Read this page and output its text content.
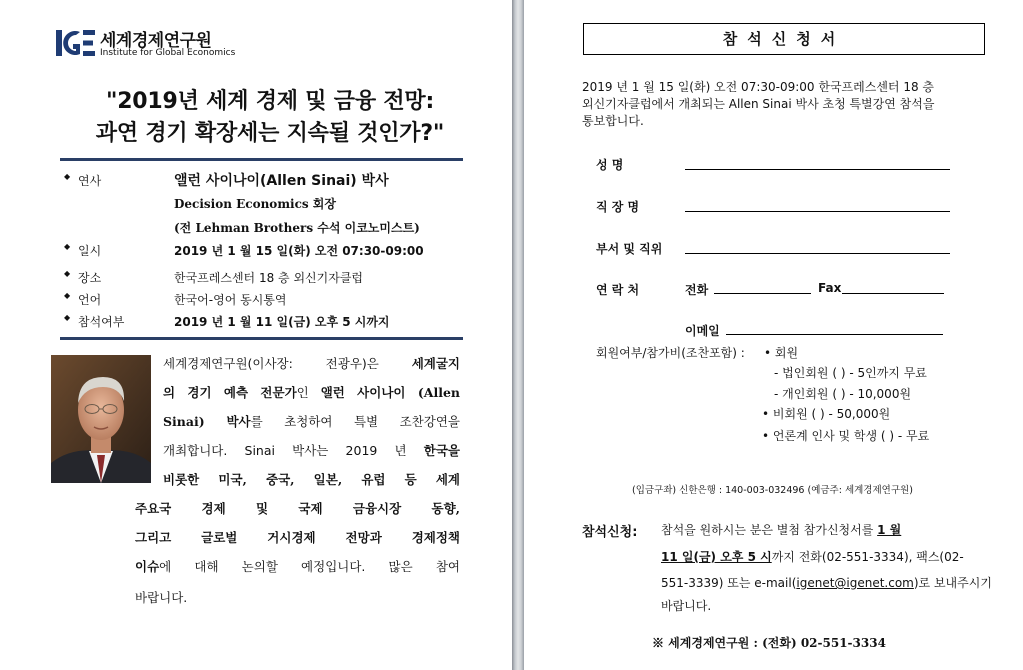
세계경제연구원
Institute for Global Economics
"2019년 세계 경제 및 금융 전망:
과연 경기 확장세는 지속될 것인가?"
◆ 연사	앨런 사이나이(Allen Sinai) 박사
Decision Economics 회장
(전 Lehman Brothers 수석 이코노미스트)
◆ 일시	2019 년 1 월 15 일(화) 오전 07:30-09:00
◆ 장소	한국프레스센터 18 층 외신기자클럽
◆ 언어	한국어-영어 동시통역
◆ 참석여부	2019 년 1 월 11 일(금) 오후 5 시까지
세계경제연구원(이사장: 전광우)은 세계굴지
의 경기 예측 전문가인 앨런 사이나이 (Allen
Sinai) 박사를 초청하여 특별 조찬강연을
개최합니다. Sinai 박사는 2019 년 한국을
비롯한 미국, 중국, 일본, 유럽 등 세계
주요국 경제 및 국제 금융시장 동향,
그리고 글로벌 거시경제 전망과 경제정책
이슈에 대해 논의할 예정입니다. 많은 참여
바랍니다.
참석신청서
2019 년 1 월 15 일(화) 오전 07:30-09:00 한국프레스센터 18 층
외신기자클럽에서 개최되는 Allen Sinai 박사 초청 특별강연 참석을
통보합니다.
성 명
직 장 명
부서 및 직위
연 락 처	전화	Fax
이메일
회원여부/참가비(조찬포함) : • 회원
- 법인회원 ( ) - 5인까지 무료
- 개인회원 ( ) - 10,000원
• 비회원 ( ) - 50,000원
• 언론계 인사 및 학생 ( ) - 무료
(입금구좌) 신한은행 : 140-003-032496 (예금주: 세계경제연구원)
참석신청: 참석을 원하시는 분은 별첨 참가신청서를 1 월
11 일(금) 오후 5 시까지 전화(02-551-3334), 팩스(02-
551-3339) 또는 e-mail(igenet@igenet.com)로 보내주시기
바랍니다.
※ 세계경제연구원 : (전화) 02-551-3334
